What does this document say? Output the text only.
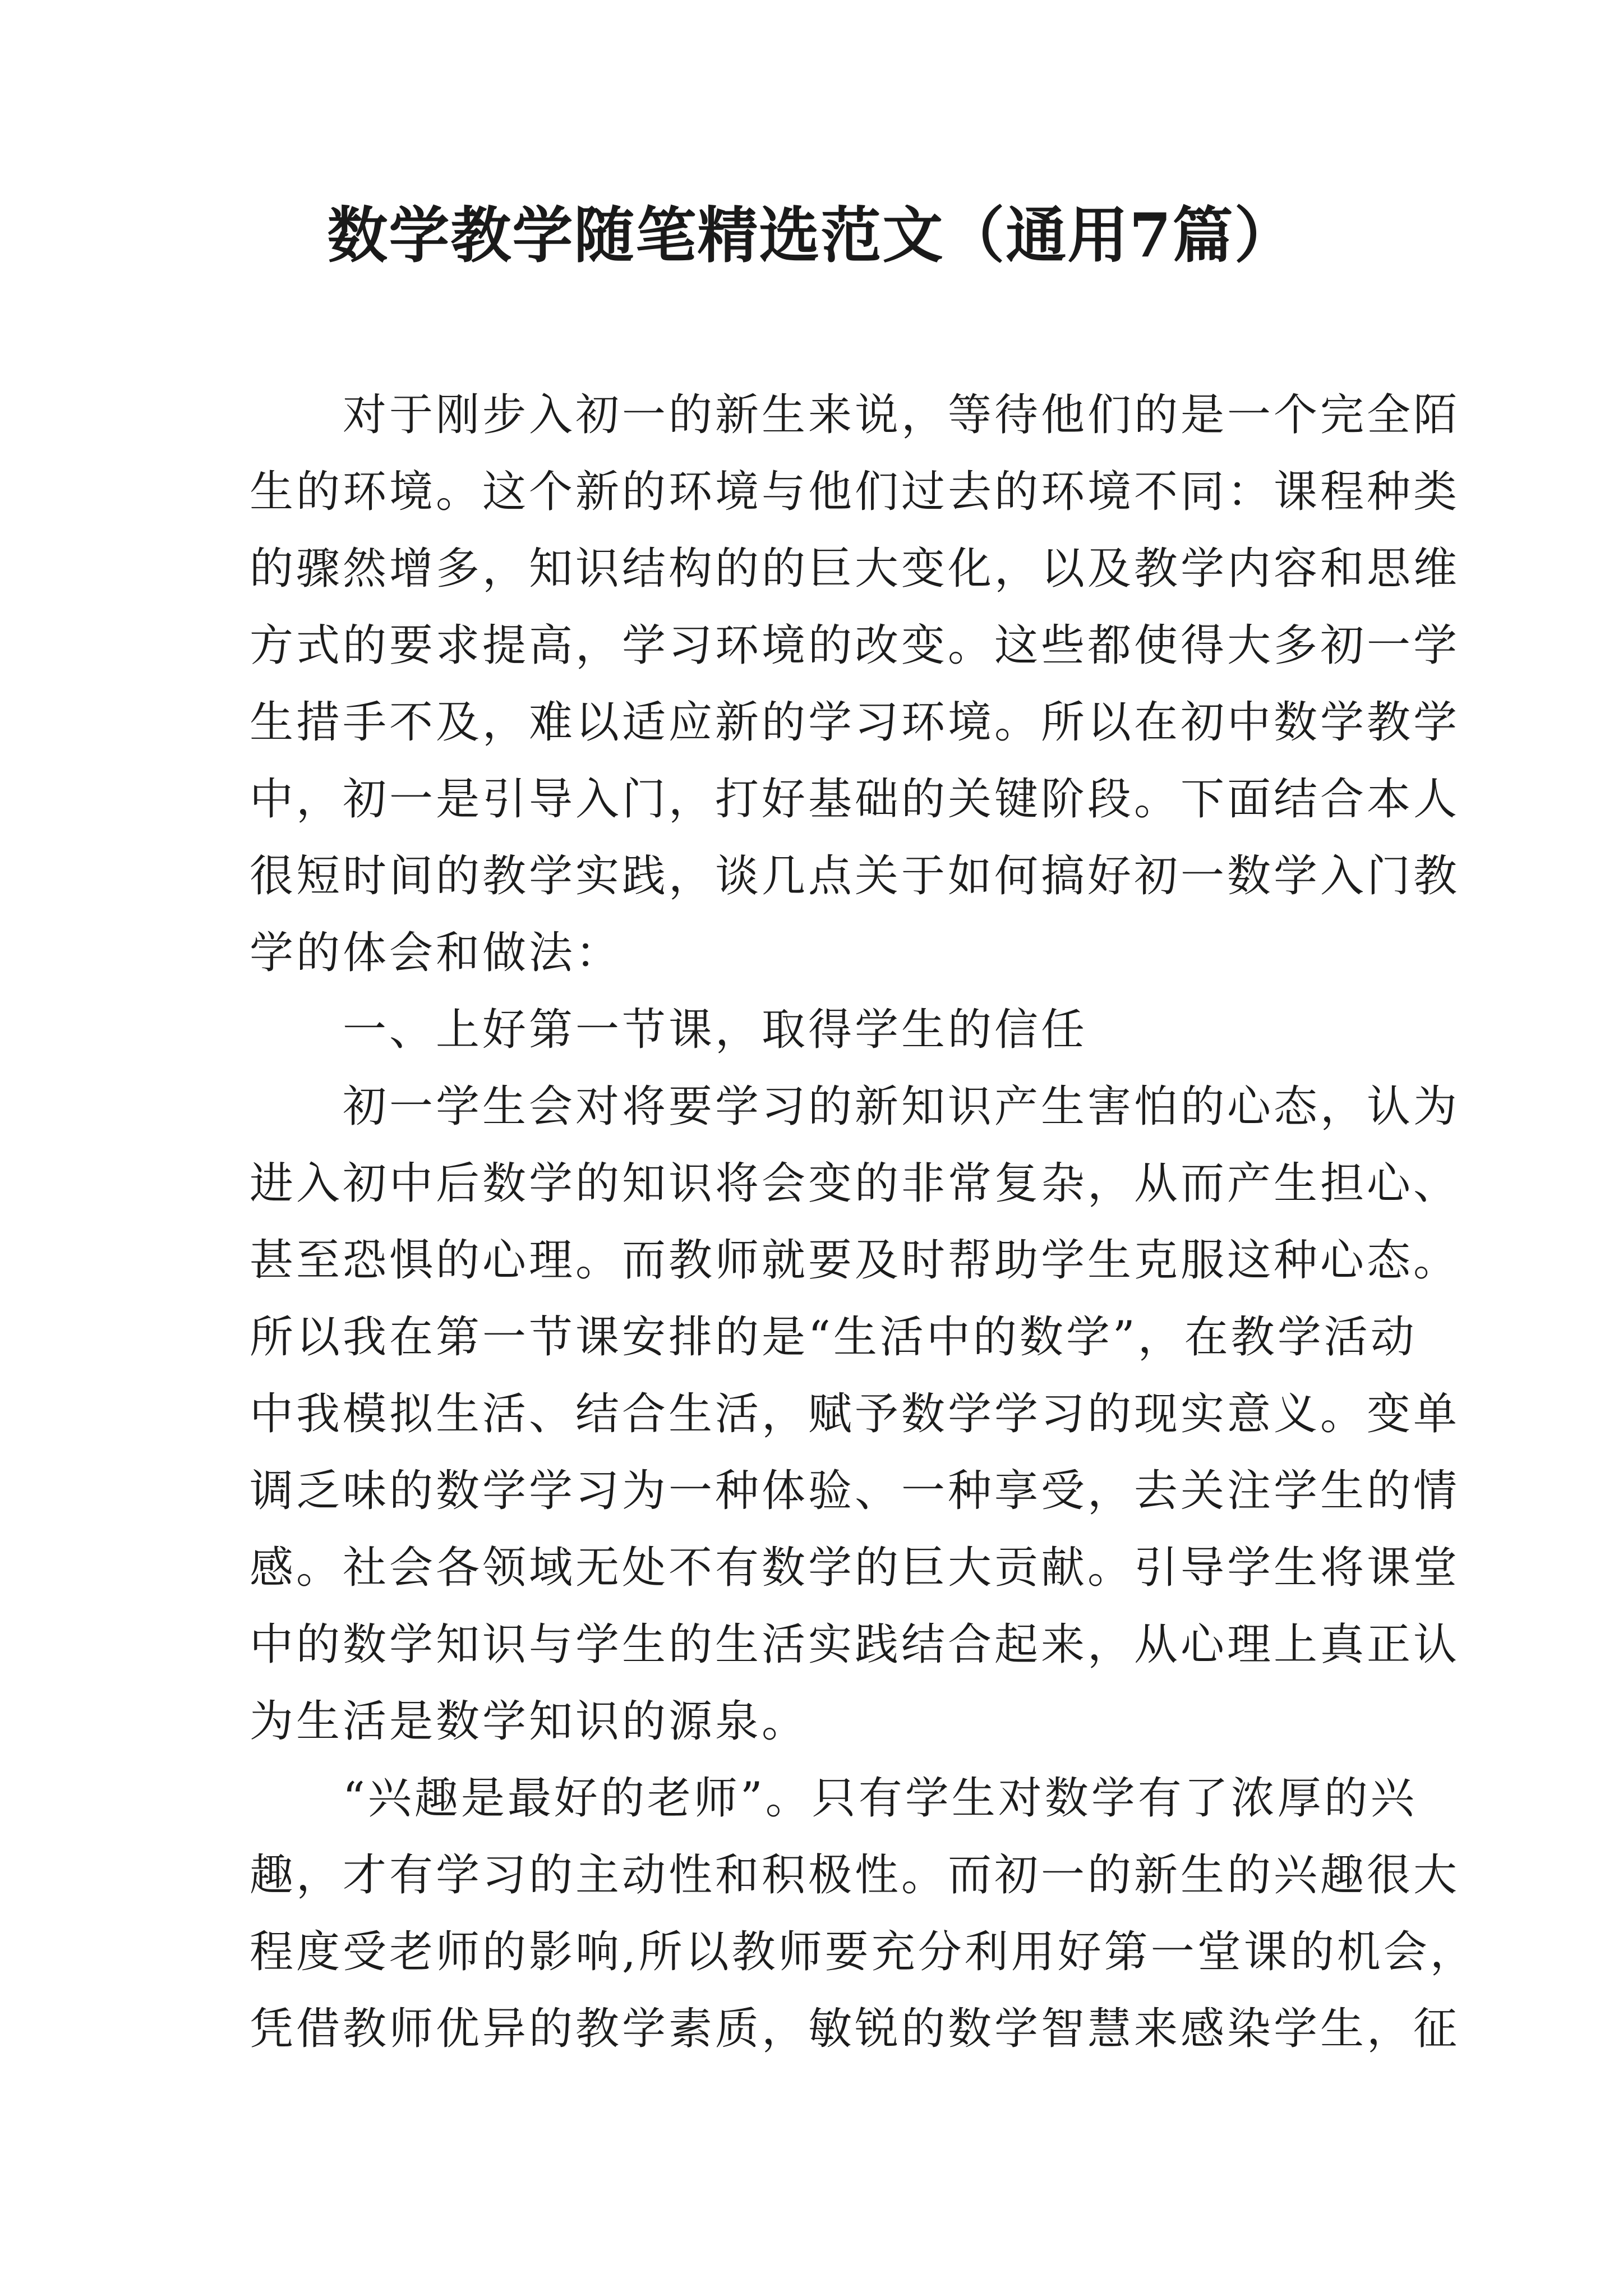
数学教学随笔精选范文（通用7篇）
　　对于刚步入初一的新生来说，等待他们的是一个完全陌
生的环境。这个新的环境与他们过去的环境不同：课程种类
的骤然增多，知识结构的的巨大变化，以及教学内容和思维
方式的要求提高，学习环境的改变。这些都使得大多初一学
生措手不及，难以适应新的学习环境。所以在初中数学教学
中，初一是引导入门，打好基础的关键阶段。下面结合本人
很短时间的教学实践，谈几点关于如何搞好初一数学入门教
学的体会和做法：
　　一、上好第一节课，取得学生的信任
　　初一学生会对将要学习的新知识产生害怕的心态，认为
进入初中后数学的知识将会变的非常复杂，从而产生担心、
甚至恐惧的心理。而教师就要及时帮助学生克服这种心态。
所以我在第一节课安排的是“生活中的数学”，在教学活动
中我模拟生活、结合生活，赋予数学学习的现实意义。变单
调乏味的数学学习为一种体验、一种享受，去关注学生的情
感。社会各领域无处不有数学的巨大贡献。引导学生将课堂
中的数学知识与学生的生活实践结合起来，从心理上真正认
为生活是数学知识的源泉。
　　“兴趣是最好的老师”。只有学生对数学有了浓厚的兴
趣，才有学习的主动性和积极性。而初一的新生的兴趣很大
程度受老师的影响,所以教师要充分利用好第一堂课的机会，
凭借教师优异的教学素质，敏锐的数学智慧来感染学生，征
